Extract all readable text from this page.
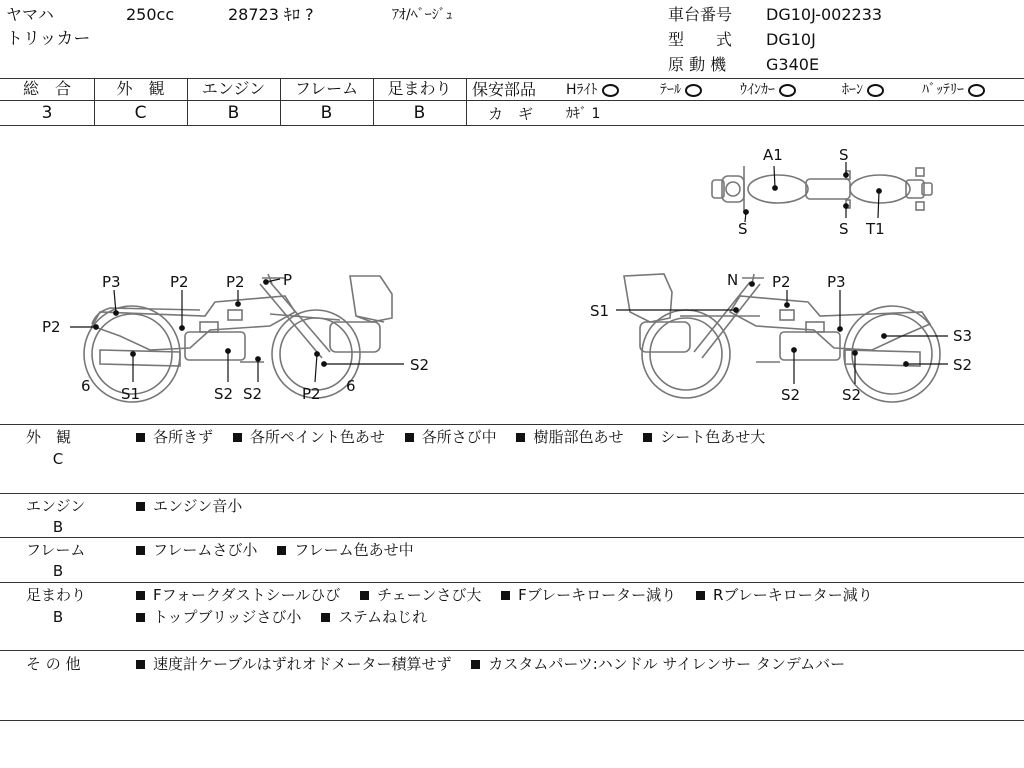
ヤマハ	250cc	28723 ｷﾛ ?	ｱｵ/ﾍﾞｰｼﾞｭ
トリッカー
車台番号 DG10J-002233
型　　式 DG10J
原 動 機 G340E
総　合
3
外　観
C
エンジン
B
フレーム
B
足まわり
B
保安部品 Hﾗｲﾄ	ﾃｰﾙ	ｳｲﾝｶｰ	ﾎｰﾝ	ﾊﾞｯﾃﾘｰ
カ　ギ ｶｷﾞ 1
A1	S
S	S T1
P3	P2 P2	P
P2
6 S1	S2 S2	P2 6
S2
N P2 P3
S1
S3
S2
S2	S2
外　観
C
各所きず　 各所ペイント色あせ　 各所さび中　 樹脂部色あせ　 シート色あせ大
エンジン
B
エンジン音小
フレーム
B
フレームさび小　 フレーム色あせ中
足まわり
B
Fフォークダストシールひび　 チェーンさび大　 Fブレーキローター減り　 Rブレーキローター減り　 トップブリッジさび小　 ステムねじれ
そ の 他	速度計ケーブルはずれオドメーター積算せず　 カスタムパーツ:ハンドル サイレンサー タンデムバー
